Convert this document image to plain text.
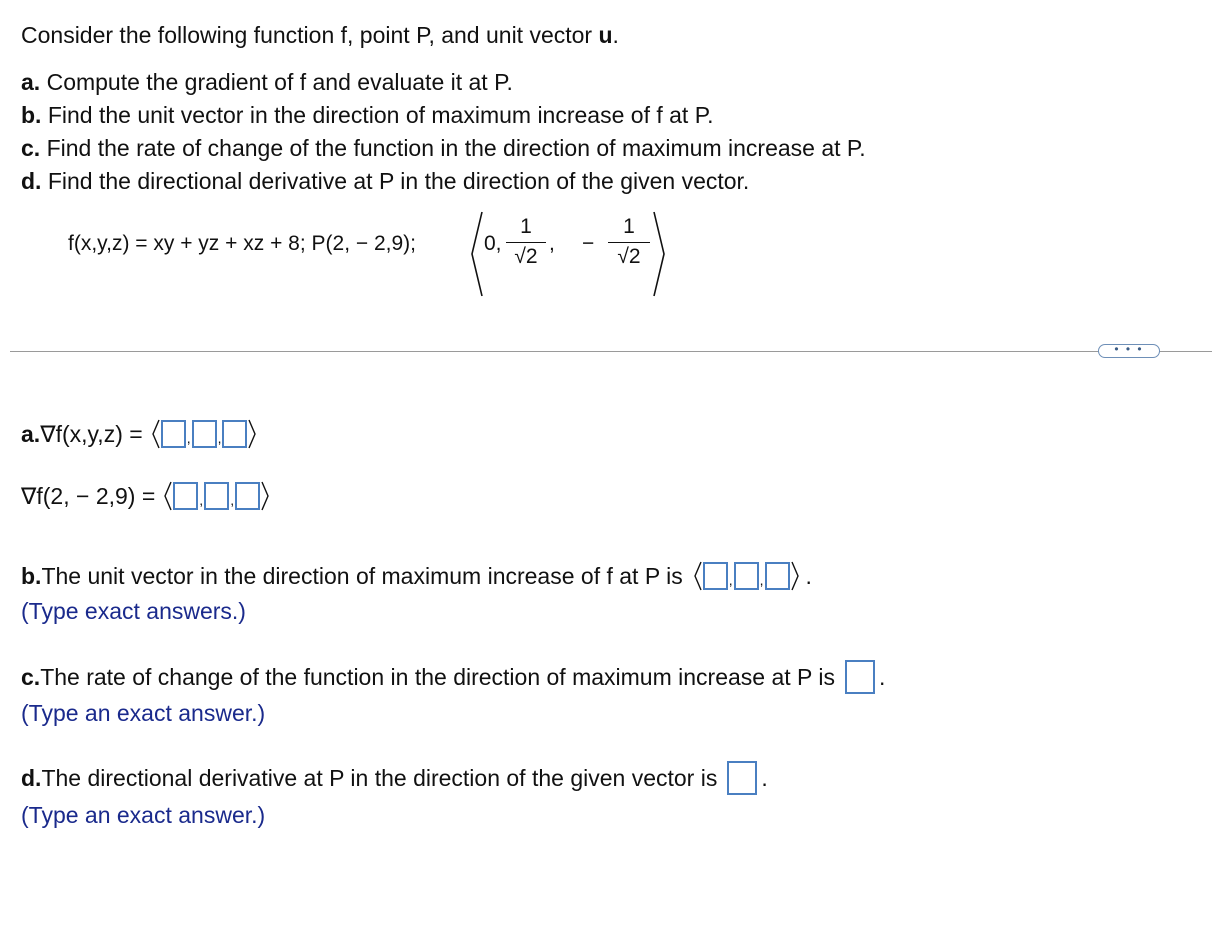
Consider the following function f, point P, and unit vector u.
a. Compute the gradient of f and evaluate it at P.
b. Find the unit vector in the direction of maximum increase of f at P.
c. Find the rate of change of the function in the direction of maximum increase at P.
d. Find the directional derivative at P in the direction of the given vector.
f(x,y,z) = xy + yz + xz + 8; P(2, − 2,9);	0,
1
√2
, −
1
√2
• • •
a. ∇f(x,y,z) =	, ,
∇f(2, − 2,9) =	, ,
b. The unit vector in the direction of maximum increase of f at P is	, , .
(Type exact answers.)
c. The rate of change of the function in the direction of maximum increase at P is .
(Type an exact answer.)
d. The directional derivative at P in the direction of the given vector is .
(Type an exact answer.)
